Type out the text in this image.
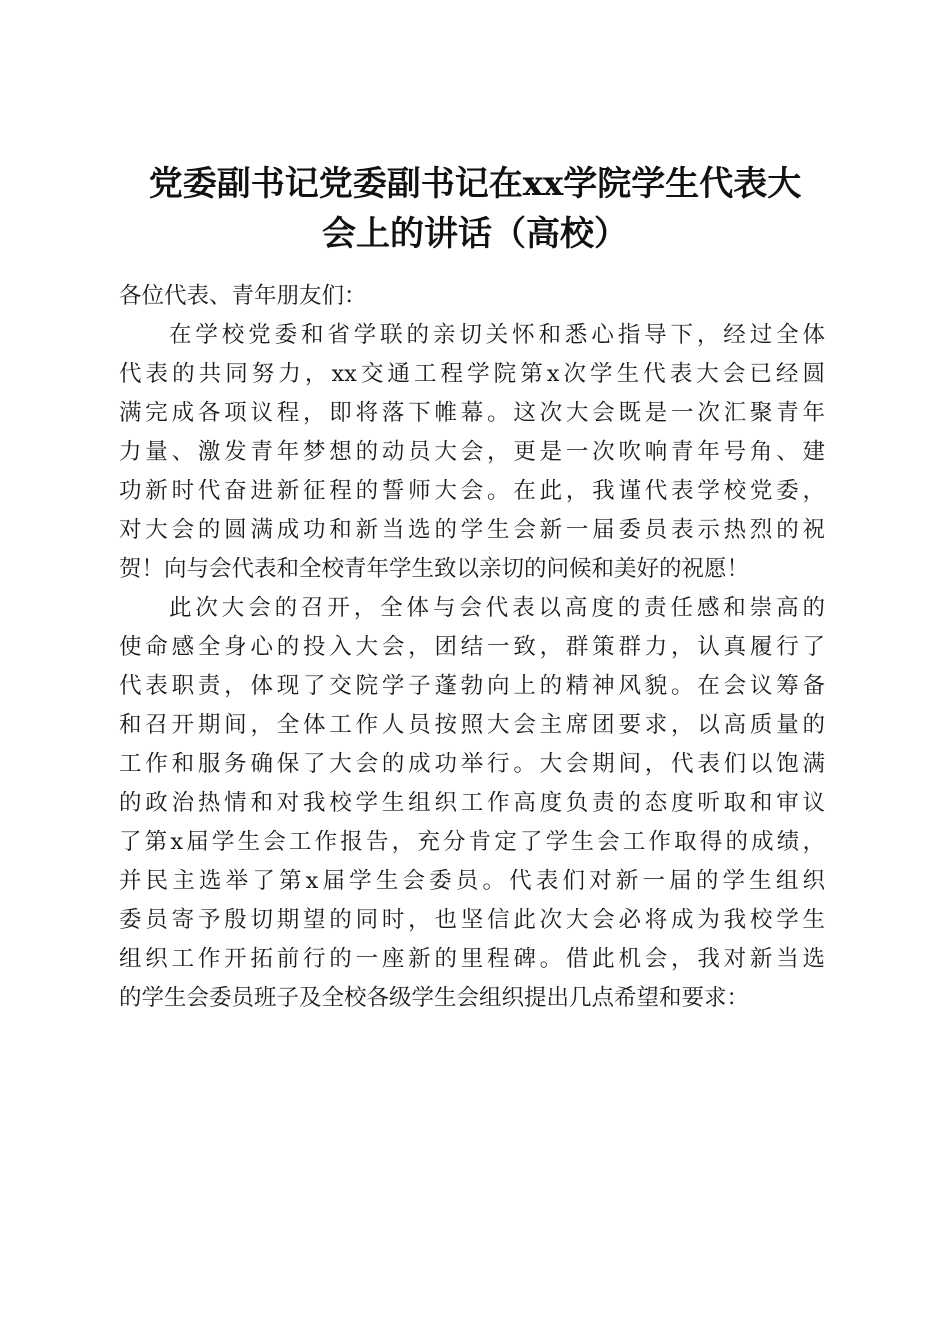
党委副书记党委副书记在xx学院学生代表大
会上的讲话（高校）

各位代表、青年朋友们：

在学校党委和省学联的亲切关怀和悉心指导下，经过全体
代表的共同努力，xx交通工程学院第x次学生代表大会已经圆
满完成各项议程，即将落下帷幕。这次大会既是一次汇聚青年
力量、激发青年梦想的动员大会，更是一次吹响青年号角、建
功新时代奋进新征程的誓师大会。在此，我谨代表学校党委，
对大会的圆满成功和新当选的学生会新一届委员表示热烈的祝
贺！向与会代表和全校青年学生致以亲切的问候和美好的祝愿！

此次大会的召开，全体与会代表以高度的责任感和崇高的
使命感全身心的投入大会，团结一致，群策群力，认真履行了
代表职责，体现了交院学子蓬勃向上的精神风貌。在会议筹备
和召开期间，全体工作人员按照大会主席团要求，以高质量的
工作和服务确保了大会的成功举行。大会期间，代表们以饱满
的政治热情和对我校学生组织工作高度负责的态度听取和审议
了第x届学生会工作报告，充分肯定了学生会工作取得的成绩，
并民主选举了第x届学生会委员。代表们对新一届的学生组织
委员寄予殷切期望的同时，也坚信此次大会必将成为我校学生
组织工作开拓前行的一座新的里程碑。借此机会，我对新当选
的学生会委员班子及全校各级学生会组织提出几点希望和要求：
